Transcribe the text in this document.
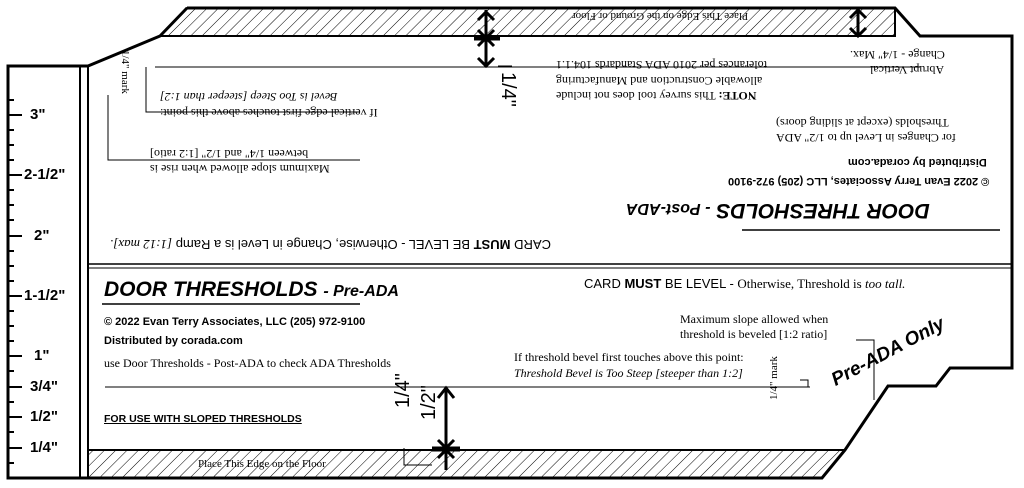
3"
2-1/2"
2"
1-1/2"
1"
3/4"
1/2"
1/4"
DOOR THRESHOLDS - Pre-ADA
© 2022 Evan Terry Associates, LLC (205) 972-9100
Distributed by corada.com
use Door Thresholds - Post-ADA to check ADA Thresholds
FOR USE WITH SLOPED THRESHOLDS
CARD MUST BE LEVEL - Otherwise, Threshold is too tall.
Maximum slope allowed when
threshold is beveled [1:2 ratio]
If threshold bevel first touches above this point:
Threshold Bevel is Too Steep [steeper than 1:2] 1/4" mark
Place This Edge on the Floor
1/4" 1/2"
Pre-ADA Only
DOOR THRESHOLDS - Post-ADA
© 2022 Evan Terry Associates, LLC (205) 972-9100
Distributed by corada.com
for Changes in Level up to 1/2" ADA
Thresholds (except at sliding doors)
NOTE: This survey tool does not include
allowable Construction and Manufacturing
tolerances per 2010 ADA Standards 104.1.1	Abrupt Vertical
Change - 1/4" Max.
CARD MUST BE LEVEL - Otherwise, Change in Level is a Ramp [1:12 max].
Maximum slope allowed when rise is
between 1/4" and 1/2" [1:2 ratio]
If vertical edge first touches above this point:
Bevel is Too Steep [steeper than 1:2]
1/4" mark
Place This Edge on the Ground or Floor
1/4"
